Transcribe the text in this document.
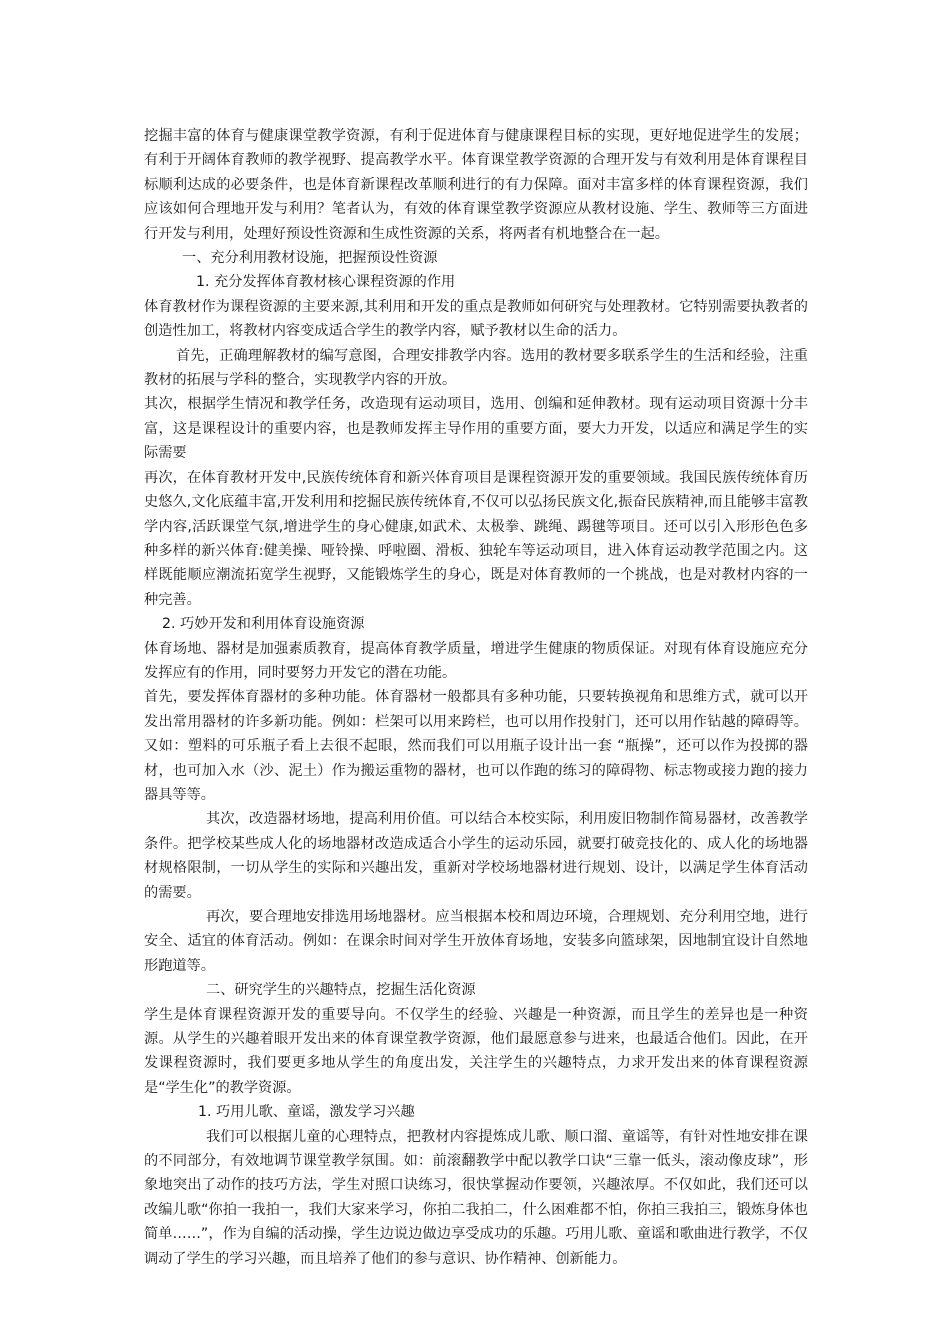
挖掘丰富的体育与健康课堂教学资源，有利于促进体育与健康课程目标的实现，更好地促进学生的发展；有利于开阔体育教师的教学视野、提高教学水平。体育课堂教学资源的合理开发与有效利用是体育课程目标顺利达成的必要条件，也是体育新课程改革顺利进行的有力保障。面对丰富多样的体育课程资源，我们应该如何合理地开发与利用？笔者认为，有效的体育课堂教学资源应从教材设施、学生、教师等三方面进行开发与利用，处理好预设性资源和生成性资源的关系，将两者有机地整合在一起。

一、充分利用教材设施，把握预设性资源

1. 充分发挥体育教材核心课程资源的作用

体育教材作为课程资源的主要来源,其利用和开发的重点是教师如何研究与处理教材。它特别需要执教者的创造性加工，将教材内容变成适合学生的教学内容，赋予教材以生命的活力。

首先，正确理解教材的编写意图，合理安排教学内容。选用的教材要多联系学生的生活和经验，注重教材的拓展与学科的整合，实现教学内容的开放。

其次，根据学生情况和教学任务，改造现有运动项目，选用、创编和延伸教材。现有运动项目资源十分丰富，这是课程设计的重要内容，也是教师发挥主导作用的重要方面，要大力开发，以适应和满足学生的实际需要

再次，在体育教材开发中,民族传统体育和新兴体育项目是课程资源开发的重要领域。我国民族传统体育历史悠久,文化底蕴丰富,开发利用和挖掘民族传统体育,不仅可以弘扬民族文化,振奋民族精神,而且能够丰富教学内容,活跃课堂气氛,增进学生的身心健康,如武术、太极拳、跳绳、踢毽等项目。还可以引入形形色色多种多样的新兴体育:健美操、哑铃操、呼啦圈、滑板、独轮车等运动项目，进入体育运动教学范围之内。这样既能顺应潮流拓宽学生视野，又能锻炼学生的身心，既是对体育教师的一个挑战，也是对教材内容的一种完善。

2. 巧妙开发和利用体育设施资源

体育场地、器材是加强素质教育，提高体育教学质量，增进学生健康的物质保证。对现有体育设施应充分发挥应有的作用，同时要努力开发它的潜在功能。

首先，要发挥体育器材的多种功能。体育器材一般都具有多种功能，只要转换视角和思维方式，就可以开发出常用器材的许多新功能。例如：栏架可以用来跨栏，也可以用作投射门，还可以用作钻越的障碍等。又如：塑料的可乐瓶子看上去很不起眼，然而我们可以用瓶子设计出一套 “瓶操”，还可以作为投掷的器材，也可加入水（沙、泥土）作为搬运重物的器材，也可以作跑的练习的障碍物、标志物或接力跑的接力器具等等。

其次，改造器材场地，提高利用价值。可以结合本校实际，利用废旧物制作简易器材，改善教学条件。把学校某些成人化的场地器材改造成适合小学生的运动乐园，就要打破竞技化的、成人化的场地器材规格限制，一切从学生的实际和兴趣出发，重新对学校场地器材进行规划、设计，以满足学生体育活动的需要。

再次，要合理地安排选用场地器材。应当根据本校和周边环境，合理规划、充分利用空地，进行安全、适宜的体育活动。例如：在课余时间对学生开放体育场地，安装多向篮球架，因地制宜设计自然地形跑道等。

二、研究学生的兴趣特点，挖掘生活化资源

学生是体育课程资源开发的重要导向。不仅学生的经验、兴趣是一种资源，而且学生的差异也是一种资源。从学生的兴趣着眼开发出来的体育课堂教学资源，他们最愿意参与进来，也最适合他们。因此，在开发课程资源时，我们要更多地从学生的角度出发，关注学生的兴趣特点，力求开发出来的体育课程资源是“学生化”的教学资源。

1. 巧用儿歌、童谣，激发学习兴趣

我们可以根据儿童的心理特点，把教材内容提炼成儿歌、顺口溜、童谣等，有针对性地安排在课的不同部分，有效地调节课堂教学氛围。如：前滚翻教学中配以教学口诀“三靠一低头，滚动像皮球”，形象地突出了动作的技巧方法，学生对照口诀练习，很快掌握动作要领，兴趣浓厚。不仅如此，我们还可以改编儿歌“你拍一我拍一，我们大家来学习，你拍二我拍二，什么困难都不怕，你拍三我拍三，锻炼身体也简单……”，作为自编的活动操，学生边说边做边享受成功的乐趣。巧用儿歌、童谣和歌曲进行教学，不仅调动了学生的学习兴趣，而且培养了他们的参与意识、协作精神、创新能力。
